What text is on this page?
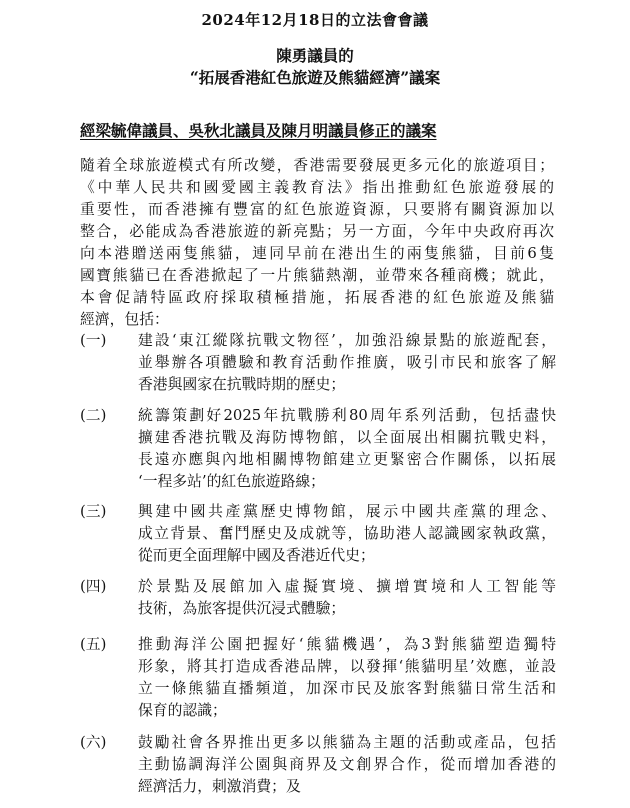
2024年12月18日的立法會會議
陳勇議員的
“拓展香港紅色旅遊及熊貓經濟”議案
經梁毓偉議員、吳秋北議員及陳月明議員修正的議案
隨着全球旅遊模式有所改變，香港需要發展更多元化的旅遊項目；
《中華人民共和國愛國主義教育法》指出推動紅色旅遊發展的
重要性，而香港擁有豐富的紅色旅遊資源，只要將有關資源加以
整合，必能成為香港旅遊的新亮點；另一方面，今年中央政府再次
向本港贈送兩隻熊貓，連同早前在港出生的兩隻熊貓，目前6隻
國寶熊貓已在香港掀起了一片熊貓熱潮，並帶來各種商機；就此，
本會促請特區政府採取積極措施，拓展香港的紅色旅遊及熊貓
經濟，包括：
(一)	建設‘東江縱隊抗戰文物徑’，加強沿線景點的旅遊配套，
並舉辦各項體驗和教育活動作推廣，吸引市民和旅客了解
香港與國家在抗戰時期的歷史；
(二)	統籌策劃好2025年抗戰勝利80周年系列活動，包括盡快
擴建香港抗戰及海防博物館，以全面展出相關抗戰史料，
長遠亦應與內地相關博物館建立更緊密合作關係，以拓展
‘一程多站’的紅色旅遊路線；
(三)	興建中國共產黨歷史博物館，展示中國共產黨的理念、
成立背景、奮鬥歷史及成就等，協助港人認識國家執政黨，
從而更全面理解中國及香港近代史；
(四)	於景點及展館加入虛擬實境、擴增實境和人工智能等
技術，為旅客提供沉浸式體驗；
(五)	推動海洋公園把握好‘熊貓機遇’，為3對熊貓塑造獨特
形象，將其打造成香港品牌，以發揮‘熊貓明星’效應，並設
立一條熊貓直播頻道，加深市民及旅客對熊貓日常生活和
保育的認識；
(六)	鼓勵社會各界推出更多以熊貓為主題的活動或產品，包括
主動協調海洋公園與商界及文創界合作，從而增加香港的
經濟活力，刺激消費；及
